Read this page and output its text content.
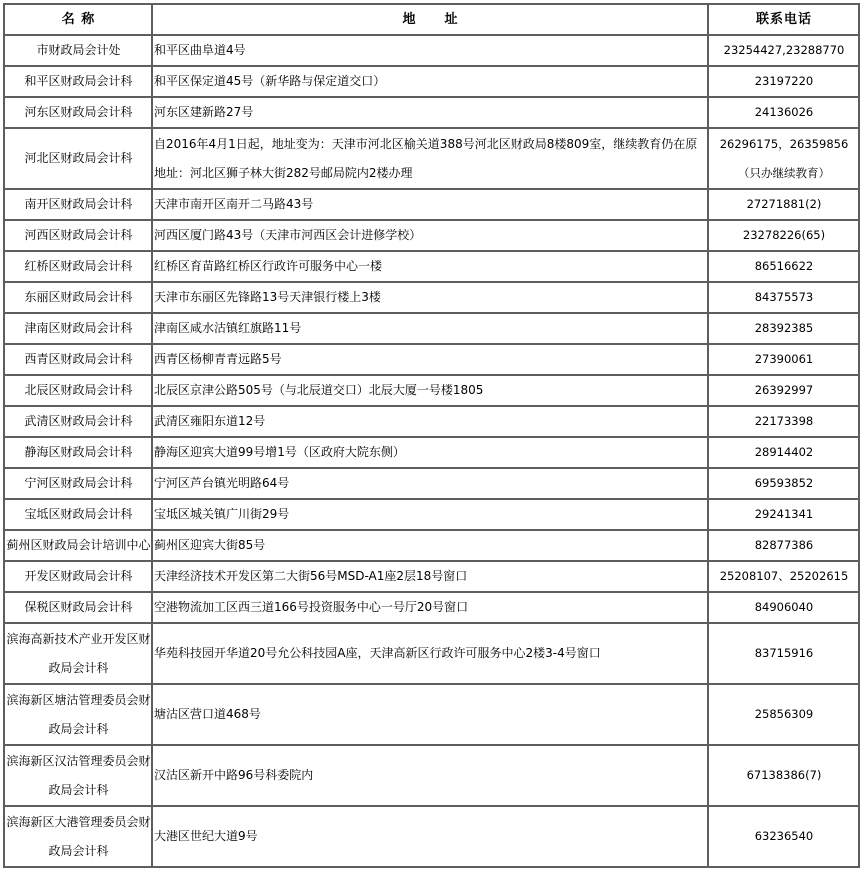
名 称	地　　址	联系电话
市财政局会计处	和平区曲阜道4号	23254427,23288770
和平区财政局会计科	和平区保定道45号（新华路与保定道交口）	23197220
河东区财政局会计科	河东区建新路27号	24136026
河北区财政局会计科	自2016年4月1日起，地址变为：天津市河北区榆关道388号河北区财政局8楼809室，继续教育仍在原地址：河北区狮子林大街282号邮局院内2楼办理	26296175，26359856（只办继续教育）
南开区财政局会计科	天津市南开区南开二马路43号	27271881(2)
河西区财政局会计科	河西区厦门路43号（天津市河西区会计进修学校）	23278226(65)
红桥区财政局会计科	红桥区育苗路红桥区行政许可服务中心一楼	86516622
东丽区财政局会计科	天津市东丽区先锋路13号天津银行楼上3楼	84375573
津南区财政局会计科	津南区咸水沽镇红旗路11号	28392385
西青区财政局会计科	西青区杨柳青青远路5号	27390061
北辰区财政局会计科	北辰区京津公路505号（与北辰道交口）北辰大厦一号楼1805	26392997
武清区财政局会计科	武清区雍阳东道12号	22173398
静海区财政局会计科	静海区迎宾大道99号增1号（区政府大院东侧）	28914402
宁河区财政局会计科	宁河区芦台镇光明路64号	69593852
宝坻区财政局会计科	宝坻区城关镇广川街29号	29241341
蓟州区财政局会计培训中心	蓟州区迎宾大街85号	82877386
开发区财政局会计科	天津经济技术开发区第二大街56号MSD-A1座2层18号窗口	25208107、25202615
保税区财政局会计科	空港物流加工区西三道166号投资服务中心一号厅20号窗口	84906040
滨海高新技术产业开发区财政局会计科	华苑科技园开华道20号允公科技园A座，天津高新区行政许可服务中心2楼3-4号窗口	83715916
滨海新区塘沽管理委员会财政局会计科	塘沽区营口道468号	25856309
滨海新区汉沽管理委员会财政局会计科	汉沽区新开中路96号科委院内	67138386(7)
滨海新区大港管理委员会财政局会计科	大港区世纪大道9号	63236540
